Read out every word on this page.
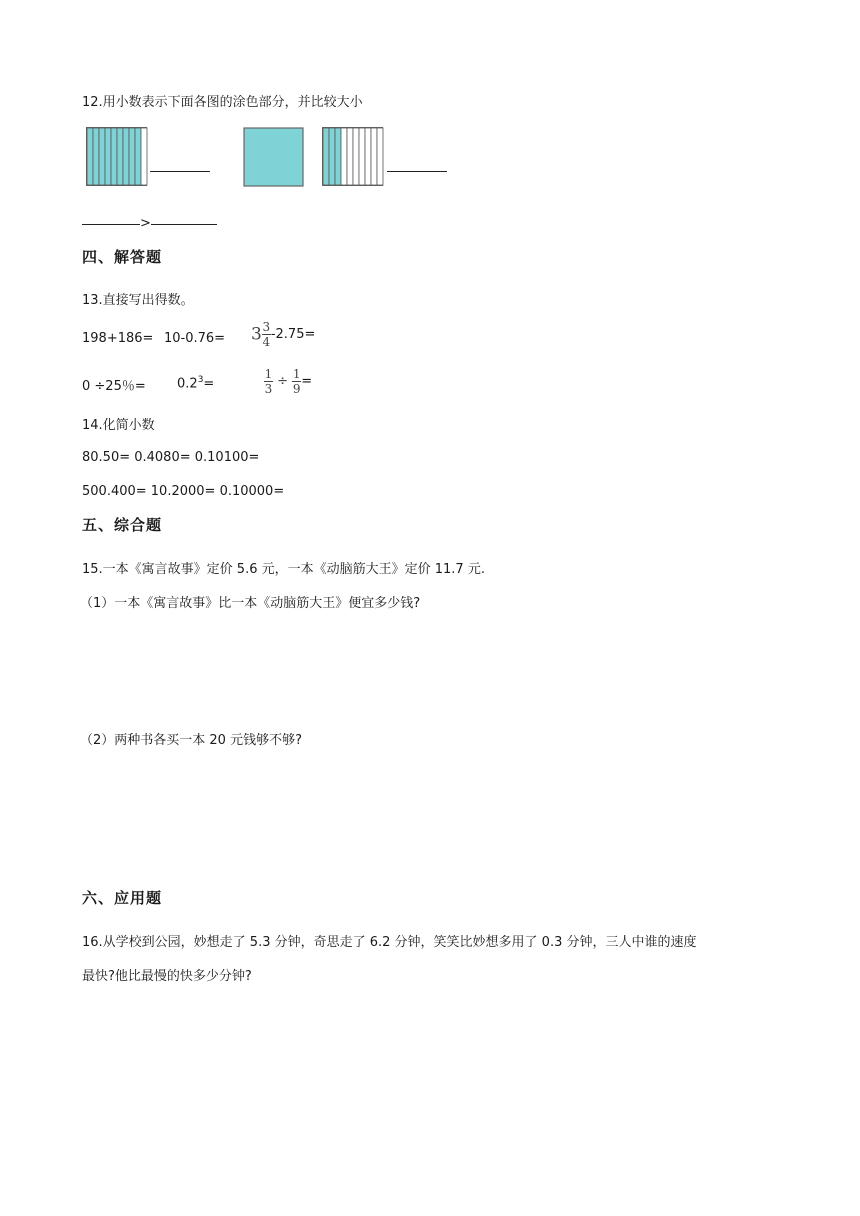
12.用小数表示下面各图的涂色部分，并比较大小
>
四、解答题
13.直接写出得数。
$198+186= 10-0.76= 3 \frac{3}{4} -2.75=$
0 ÷25％= $0.2^3=$	$\frac{1}{3} \div \frac{1}{9}$ =
14.化简小数
80.50= 0.4080= 0.10100=
500.400= 10.2000= 0.10000=
五、综合题
15.一本《寓言故事》定价 5.6 元，一本《动脑筋大王》定价 11.7 元.
（1）一本《寓言故事》比一本《动脑筋大王》便宜多少钱?
（2）两种书各买一本 20 元钱够不够?
六、应用题
16.从学校到公园，妙想走了 5.3 分钟，奇思走了 6.2 分钟，笑笑比妙想多用了 0.3 分钟，三人中谁的速度
最快?他比最慢的快多少分钟?
